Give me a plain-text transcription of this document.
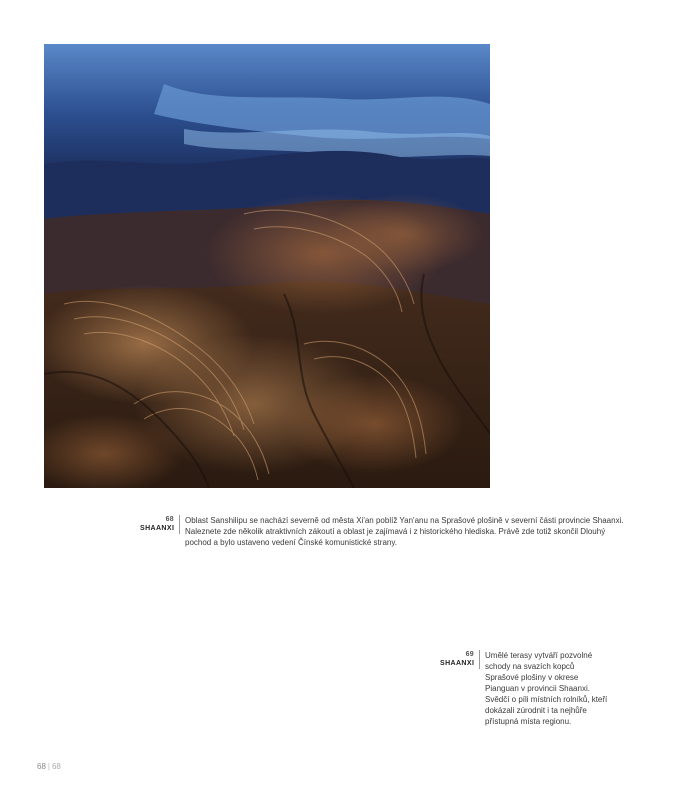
68
SHAANXI
Oblast Sanshilipu se nachází severně od města Xi'an poblíž Yan'anu na Sprašové plošině v severní části provincie Shaanxi. Naleznete zde několik atraktivních zákoutí a oblast je zajímavá i z historického hlediska. Právě zde totiž skončil Dlouhý pochod a bylo ustaveno vedení Čínské komunistické strany.
69
SHAANXI
Umělé terasy vytváří pozvolné schody na svazích kopců Sprašové plošiny v okrese Pianguan v provincii Shaanxi. Svědčí o píli místních rolníků, kteří dokázali zúrodnit i ta nejhůře přístupná místa regionu.
68 | 68
